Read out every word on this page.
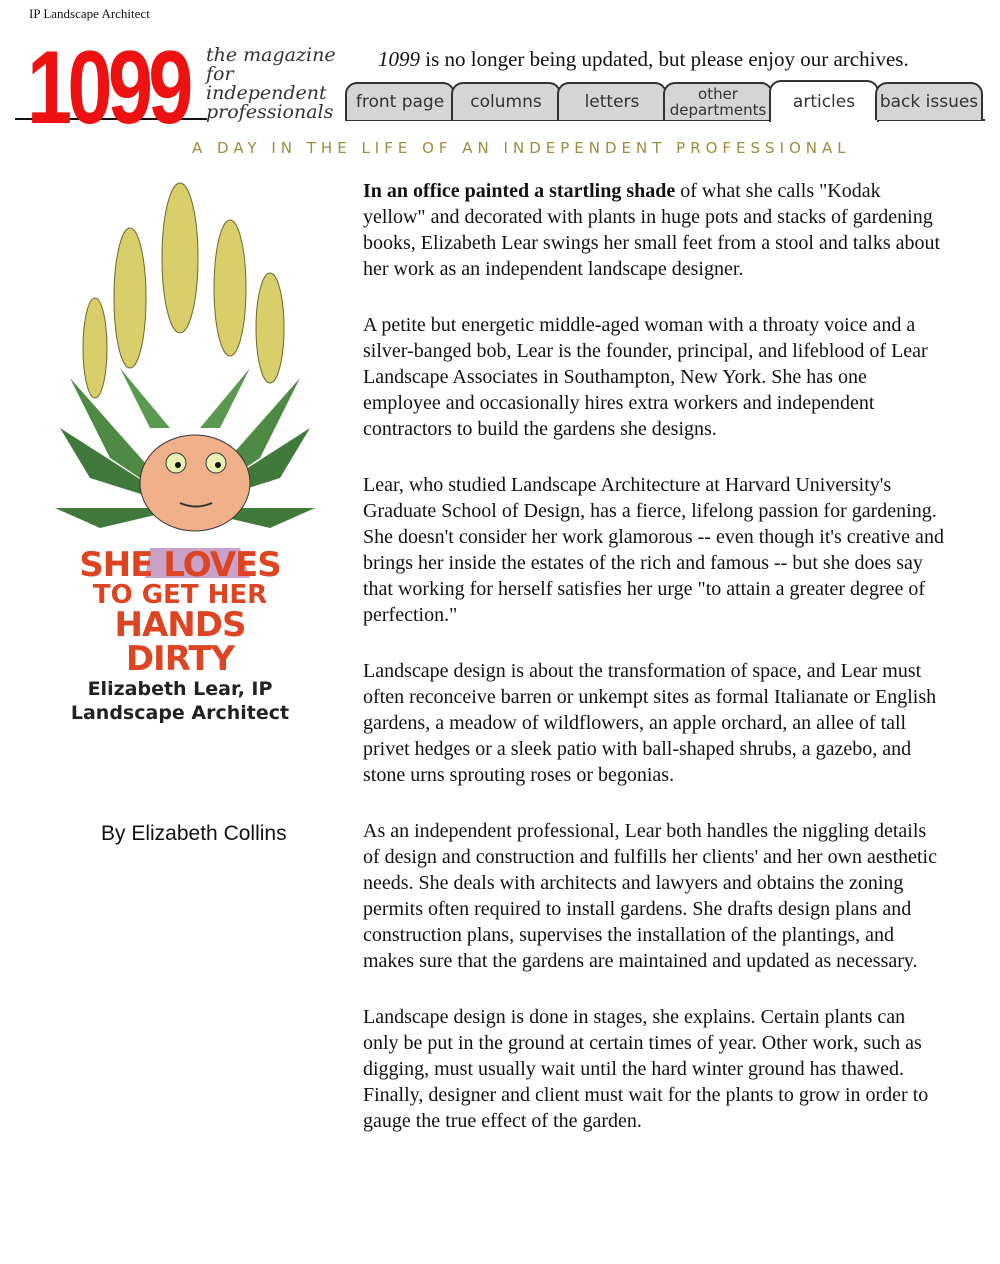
IP Landscape Architect
1099 the magazine for independent professionals
1099 is no longer being updated, but please enjoy our archives.
front page columns	letters	other departments articles back issues
A DAY IN THE LIFE OF AN INDEPENDENT PROFESSIONAL
SHE LOVES
TO GET HER
HANDS DIRTY
Elizabeth Lear, IP
Landscape Architect
By Elizabeth Collins

In an office painted a startling shade of what she calls "Kodak yellow" and decorated with plants in huge pots and stacks of gardening books, Elizabeth Lear swings her small feet from a stool and talks about her work as an independent landscape designer.

A petite but energetic middle-aged woman with a throaty voice and a silver-banged bob, Lear is the founder, principal, and lifeblood of Lear Landscape Associates in Southampton, New York. She has one employee and occasionally hires extra workers and independent contractors to build the gardens she designs.

Lear, who studied Landscape Architecture at Harvard University's Graduate School of Design, has a fierce, lifelong passion for gardening. She doesn't consider her work glamorous -- even though it's creative and brings her inside the estates of the rich and famous -- but she does say that working for herself satisfies her urge "to attain a greater degree of perfection."

Landscape design is about the transformation of space, and Lear must often reconceive barren or unkempt sites as formal Italianate or English gardens, a meadow of wildflowers, an apple orchard, an allee of tall privet hedges or a sleek patio with ball-shaped shrubs, a gazebo, and stone urns sprouting roses or begonias.

As an independent professional, Lear both handles the niggling details of design and construction and fulfills her clients' and her own aesthetic needs. She deals with architects and lawyers and obtains the zoning permits often required to install gardens. She drafts design plans and construction plans, supervises the installation of the plantings, and makes sure that the gardens are maintained and updated as necessary.

Landscape design is done in stages, she explains. Certain plants can only be put in the ground at certain times of year. Other work, such as digging, must usually wait until the hard winter ground has thawed. Finally, designer and client must wait for the plants to grow in order to gauge the true effect of the garden.
